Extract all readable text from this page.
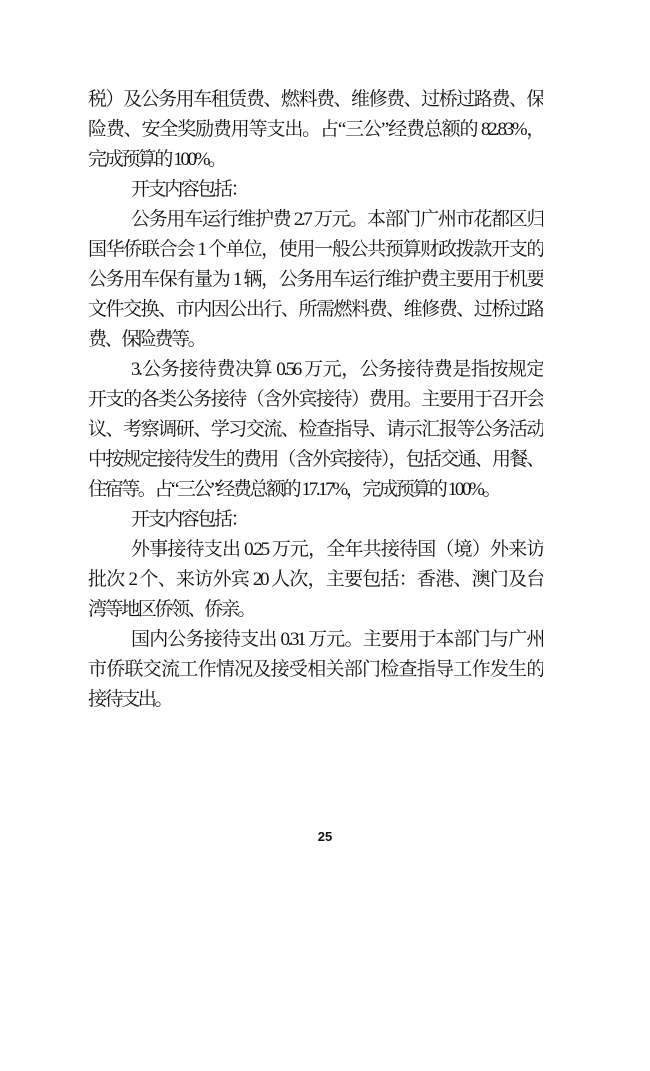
税）及公务用车租赁费、燃料费、维修费、过桥过路费、保
险费、安全奖励费用等支出。占“三公”经费总额的 82.83%，
完成预算的 100%。
开支内容包括：
公务用车运行维护费 2.7 万元。本部门广州市花都区归
国华侨联合会 1 个单位，使用一般公共预算财政拨款开支的
公务用车保有量为 1 辆，公务用车运行维护费主要用于机要
文件交换、市内因公出行、所需燃料费、维修费、过桥过路
费、保险费等。
3.公务接待费决算 0.56 万元，公务接待费是指按规定
开支的各类公务接待（含外宾接待）费用。主要用于召开会
议、考察调研、学习交流、检查指导、请示汇报等公务活动
中按规定接待发生的费用（含外宾接待），包括交通、用餐、
住宿等。占“三公”经费总额的 17.17%，完成预算的 100%。
开支内容包括：
外事接待支出 0.25 万元，全年共接待国（境）外来访
批次 2 个、来访外宾 20 人次，主要包括：香港、澳门及台
湾等地区侨领、侨亲。
国内公务接待支出 0.31 万元。主要用于本部门与广州
市侨联交流工作情况及接受相关部门检查指导工作发生的
接待支出。
25
